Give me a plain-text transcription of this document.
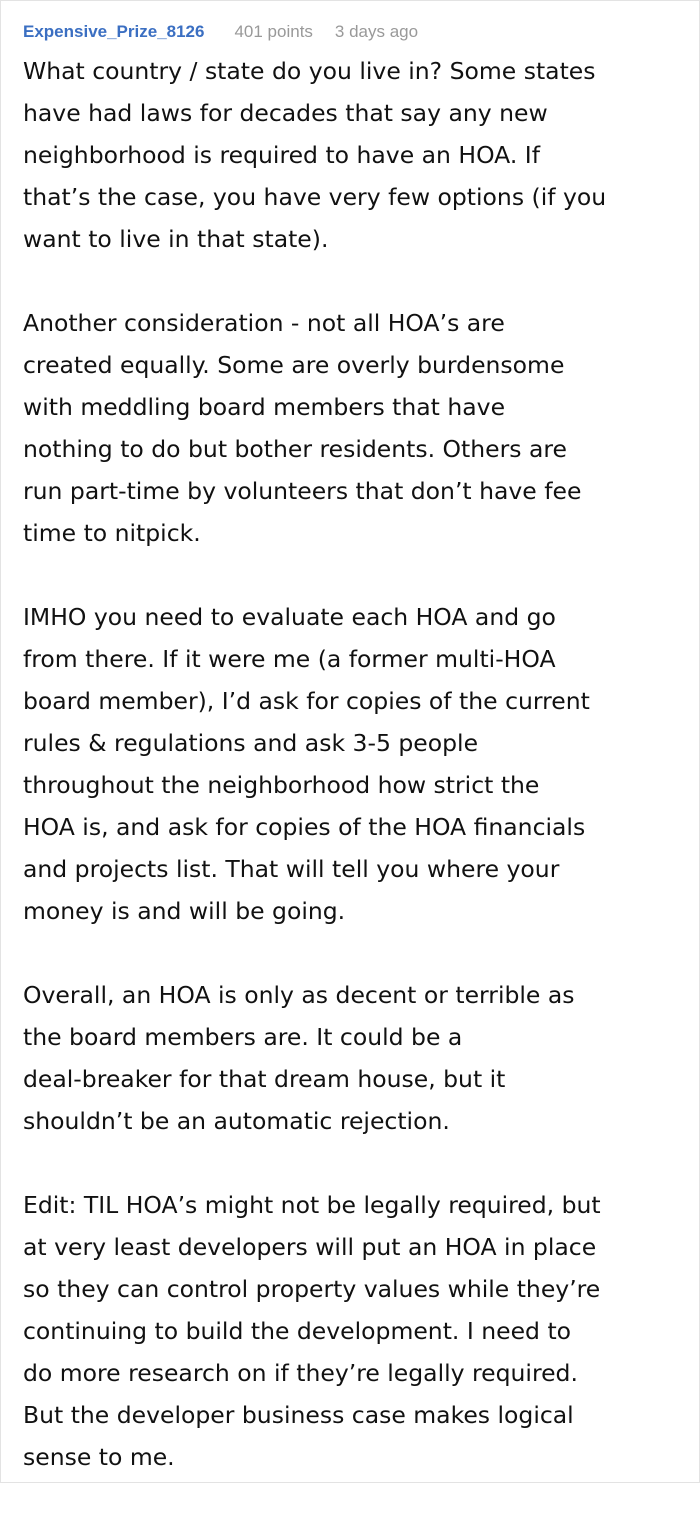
Expensive_Prize_8126 401 points 3 days ago

What country / state do you live in? Some states
have had laws for decades that say any new
neighborhood is required to have an HOA. If
that’s the case, you have very few options (if you
want to live in that state).

Another consideration - not all HOA’s are
created equally. Some are overly burdensome
with meddling board members that have
nothing to do but bother residents. Others are
run part-time by volunteers that don’t have fee
time to nitpick.

IMHO you need to evaluate each HOA and go
from there. If it were me (a former multi-HOA
board member), I’d ask for copies of the current
rules & regulations and ask 3-5 people
throughout the neighborhood how strict the
HOA is, and ask for copies of the HOA financials
and projects list. That will tell you where your
money is and will be going.

Overall, an HOA is only as decent or terrible as
the board members are. It could be a
deal-breaker for that dream house, but it
shouldn’t be an automatic rejection.

Edit: TIL HOA’s might not be legally required, but
at very least developers will put an HOA in place
so they can control property values while they’re
continuing to build the development. I need to
do more research on if they’re legally required.
But the developer business case makes logical
sense to me.
